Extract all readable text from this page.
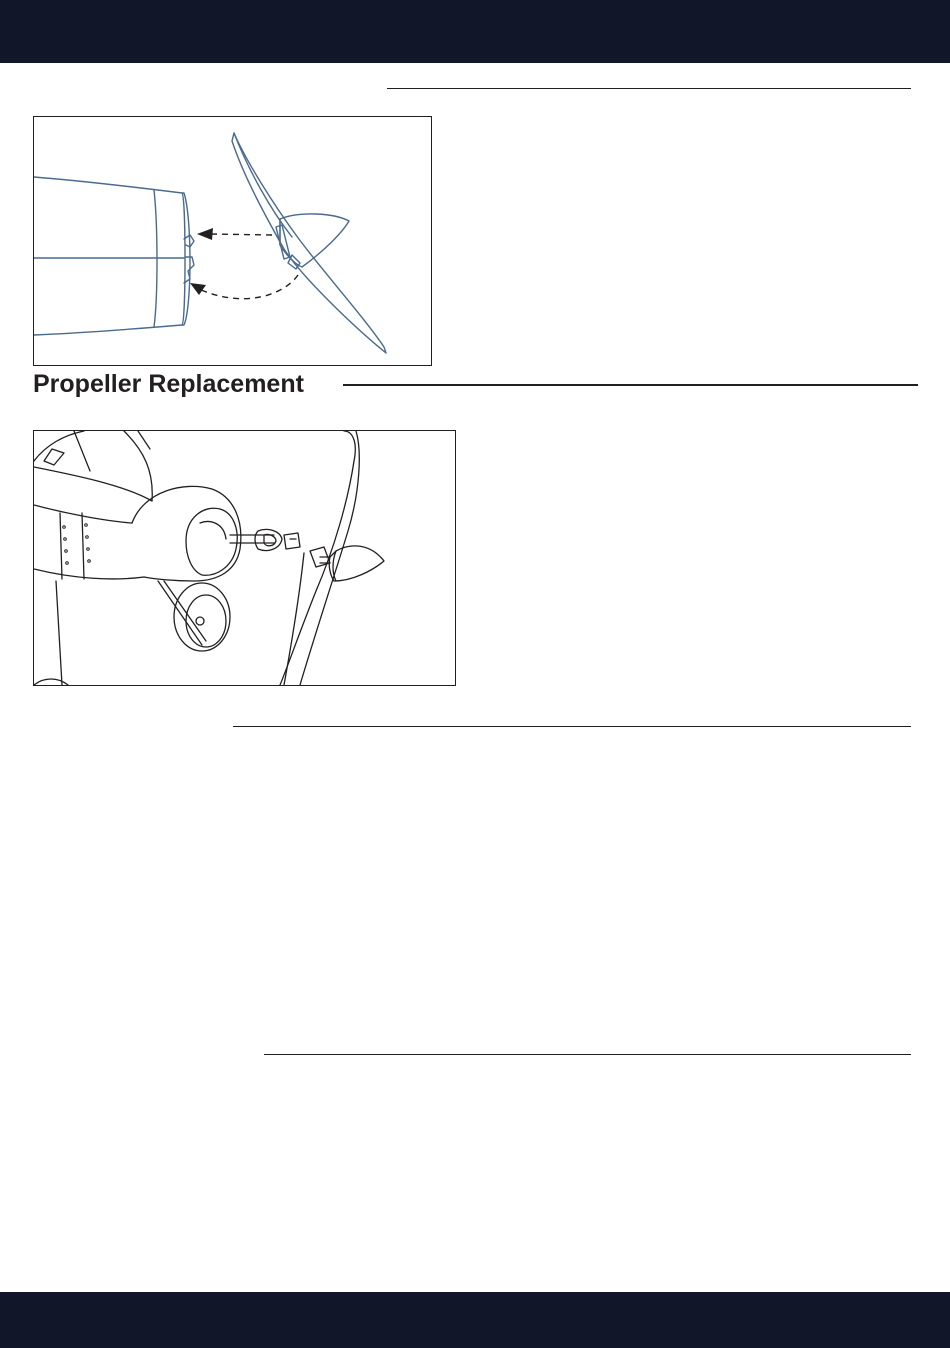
Propeller Replacement
